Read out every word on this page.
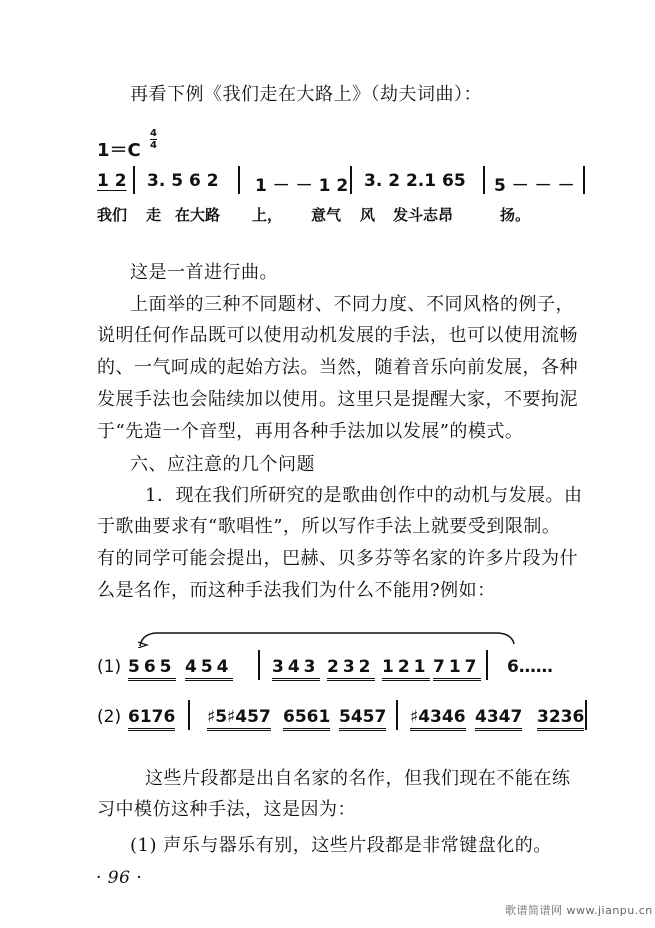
再看下例《我们走在大路上》（劫夫词曲）：
1＝C
4
4
1 2 3. 5 6 2 1 － － 1 2 3. 2 2.1 65 5 － － －
我们 走 在大路 上， 意气 风 发斗志昂	扬。
这是一首进行曲。
上面举的三种不同题材、不同力度、不同风格的例子，
说明任何作品既可以使用动机发展的手法，也可以使用流畅
的、一气呵成的起始方法。当然，随着音乐向前发展，各种
发展手法也会陆续加以使用。这里只是提醒大家，不要拘泥
于“先造一个音型，再用各种手法加以发展”的模式。
六、应注意的几个问题
1．现在我们所研究的是歌曲创作中的动机与发展。由
于歌曲要求有“歌唱性”，所以写作手法上就要受到限制。
有的同学可能会提出，巴赫、贝多芬等名家的许多片段为什
么是名作，而这种手法我们为什么不能用?例如：
(1) 565 454 343 232 121 717 6……
(2) 6176 ♯5♯457 6561 5457 ♯4346 4347 3236
这些片段都是出自名家的名作，但我们现在不能在练
习中模仿这种手法，这是因为：
(1) 声乐与器乐有别，这些片段都是非常键盘化的。
· 96 ·
歌谱简谱网 www.jianpu.cn
